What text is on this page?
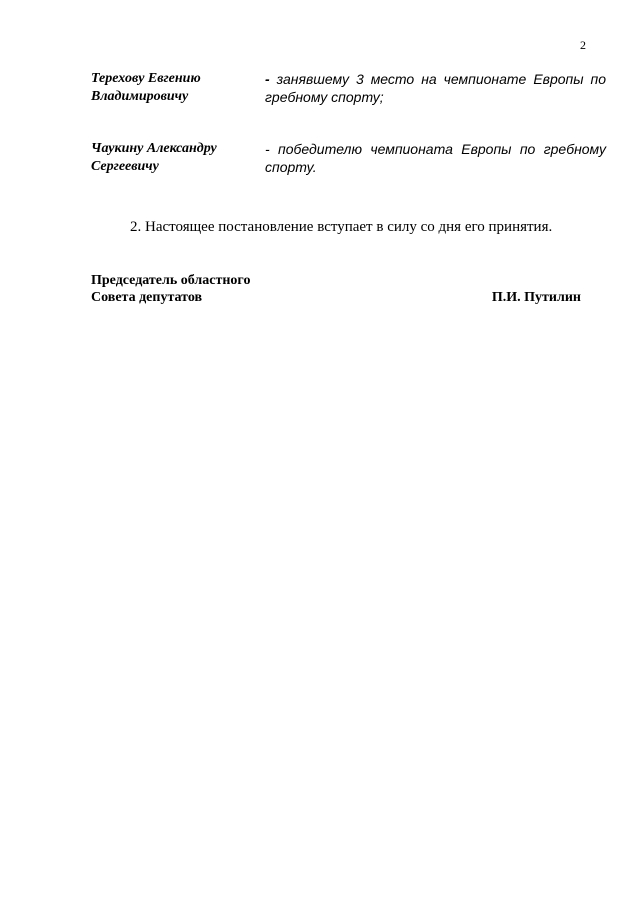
2
Терехову Евгению
Владимировичу
- занявшему 3 место на чемпионате Европы по гребному спорту;
Чаукину Александру
Сергеевичу
- победителю чемпионата Европы по гребному спорту.
2. Настоящее постановление вступает в силу со дня его принятия.
Председатель областного
Совета депутатов	П.И. Путилин
